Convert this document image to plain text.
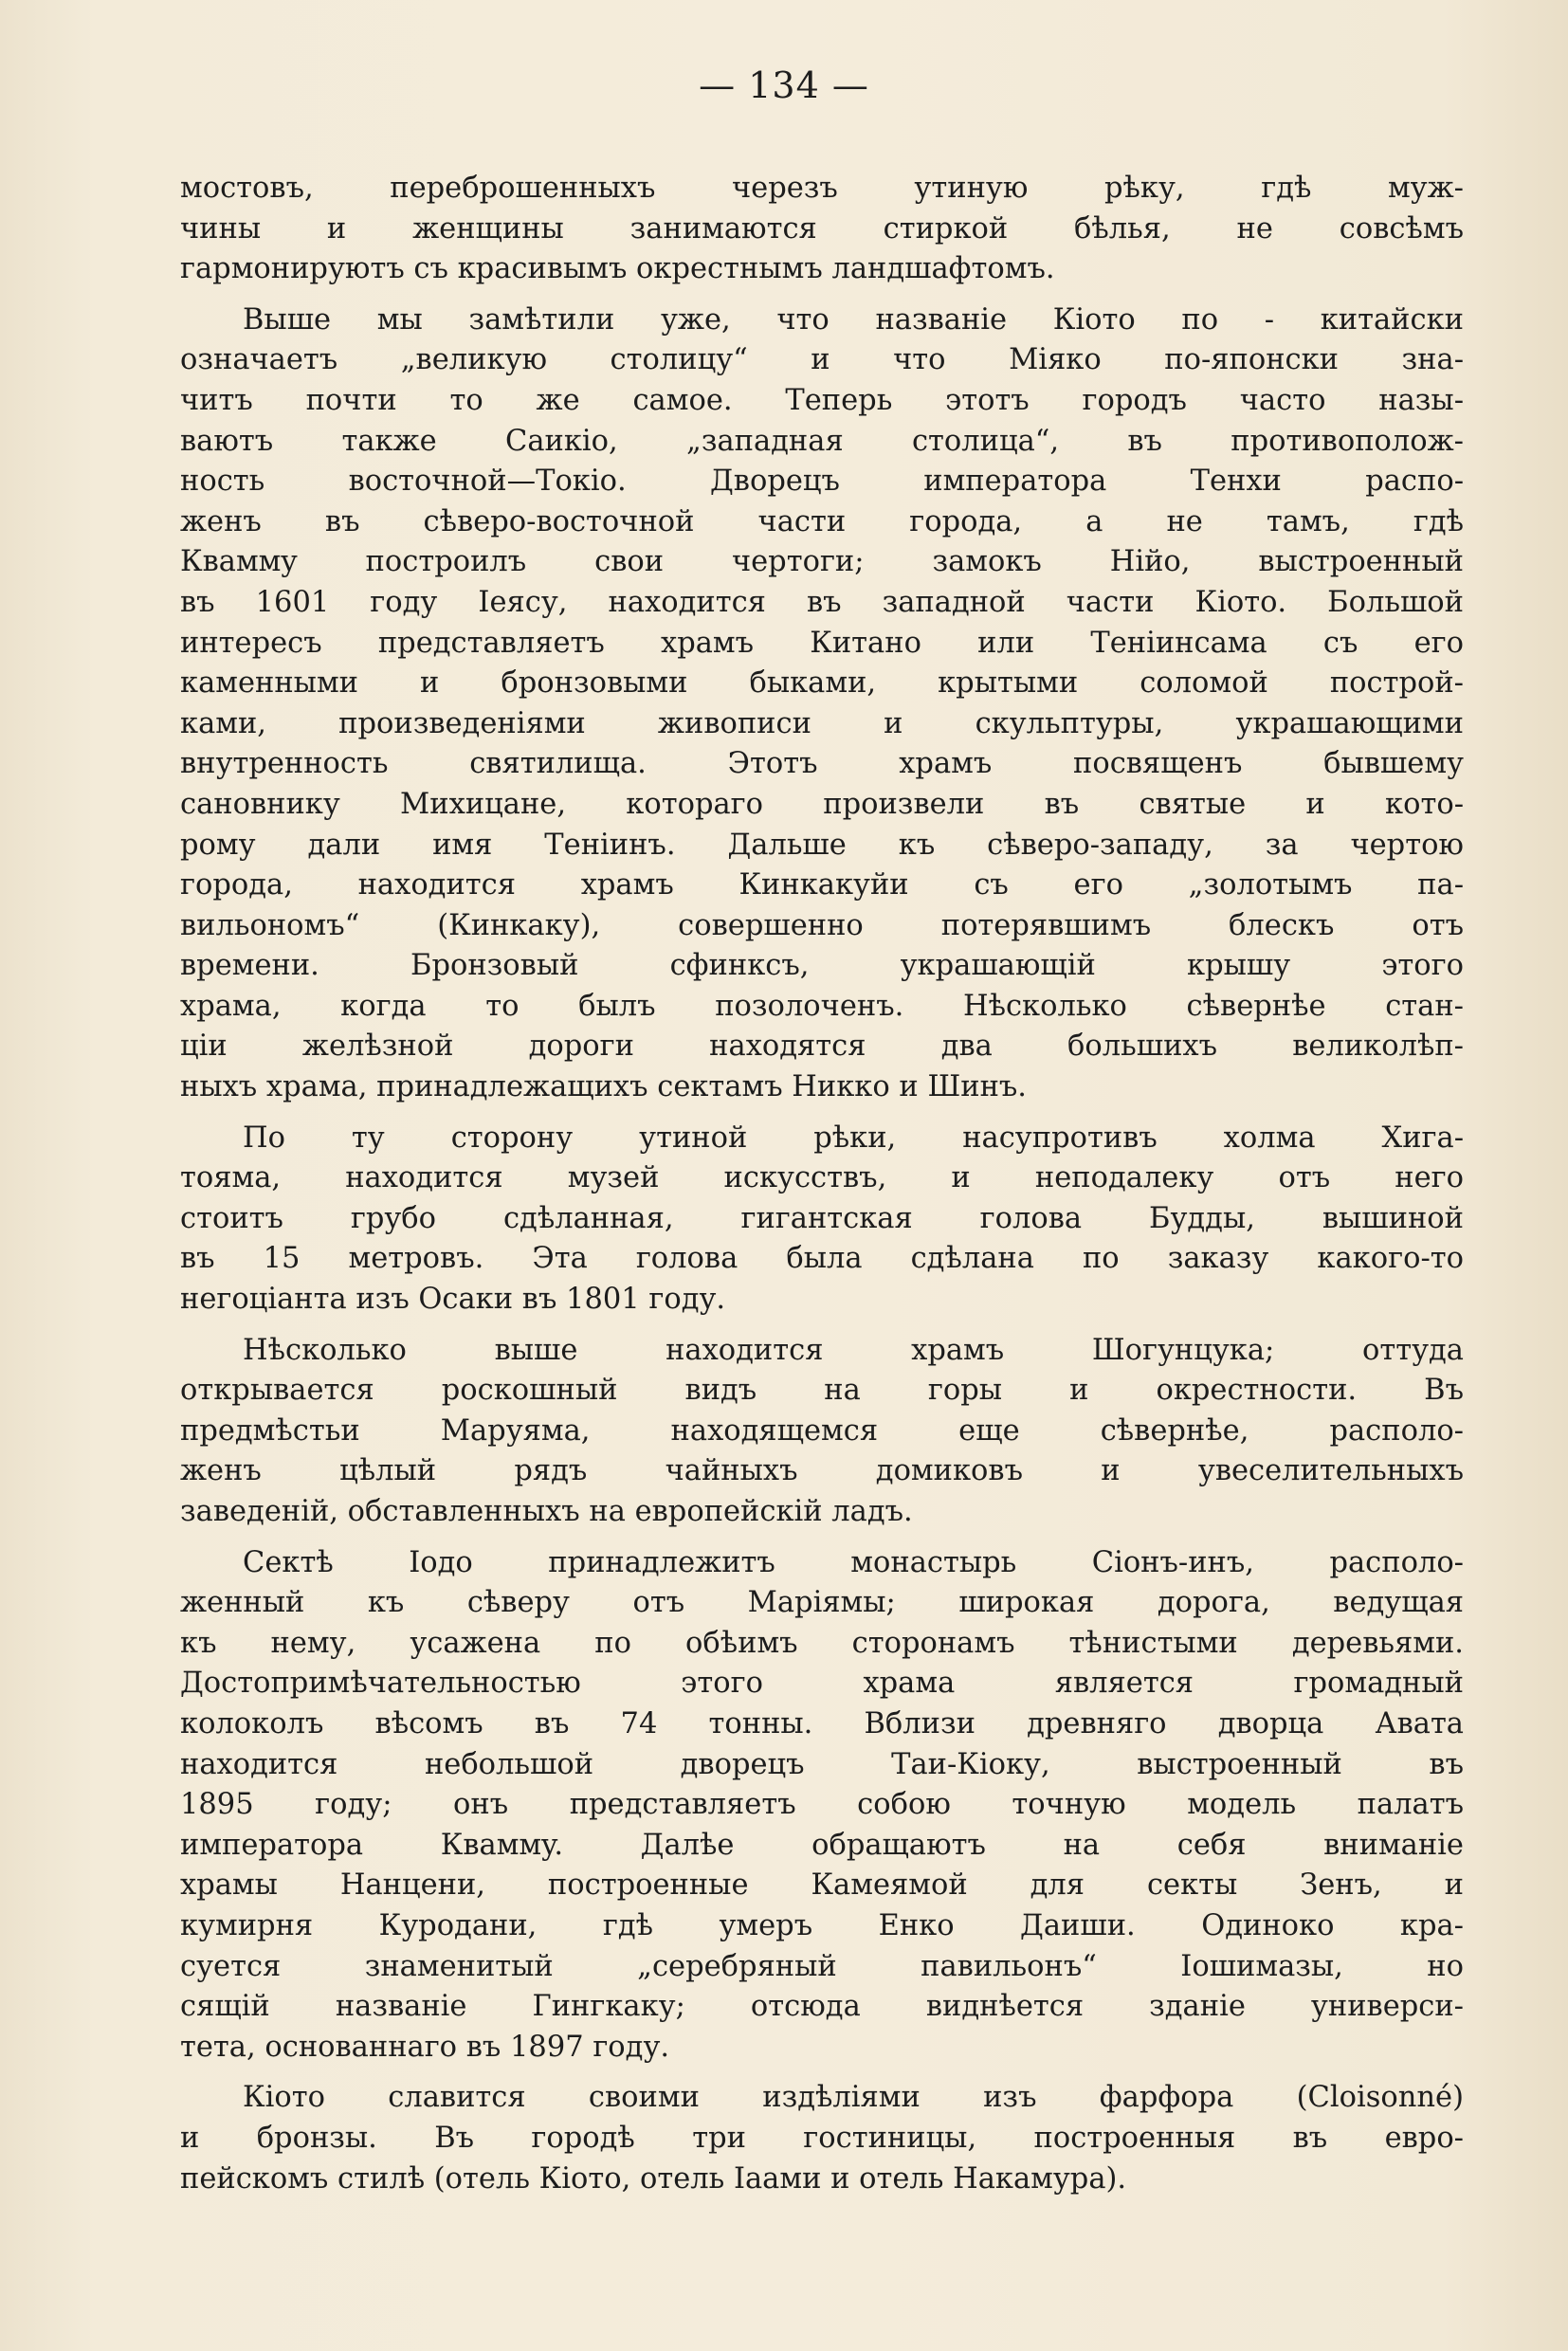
— 134 —
мостовъ, переброшенныхъ черезъ утиную рѣку, гдѣ муж-
чины и женщины занимаются стиркой бѣлья, не совсѣмъ
гармонируютъ съ красивымъ окрестнымъ ландшафтомъ.
Выше мы замѣтили уже, что названiе Кiото по - китайски
означаетъ „великую столицу“ и что Мiяко по-японски зна-
читъ почти то же самое. Теперь этотъ городъ часто назы-
ваютъ также Саикiо, „западная столица“, въ противополож-
ность восточной—Токiо. Дворецъ императора Тенхи распо-
женъ въ сѣверо-восточной части города, а не тамъ, гдѣ
Кваммy построилъ свои чертоги; замокъ Нiйо, выстроенный
въ 1601 году Iеясу, находится въ западной части Кiото. Большой
интересъ представляетъ храмъ Китано или Тенiинсама съ его
каменными и бронзовыми быками, крытыми соломой построй-
ками, произведенiями живописи и скульптуры, украшающими
внутренность святилища. Этотъ храмъ посвященъ бывшему
сановнику Михицане, котораго произвели въ святые и кото-
рому дали имя Тенiинъ. Дальше къ сѣверо-западу, за чертою
города, находится храмъ Кинкакуйи съ его „золотымъ па-
вильономъ“ (Кинкаку), совершенно потерявшимъ блескъ отъ
времени. Бронзовый сфинксъ, украшающiй крышу этого
храма, когда то былъ позолоченъ. Нѣсколько сѣвернѣе стан-
цiи желѣзной дороги находятся два большихъ великолѣп-
ныхъ храма, принадлежащихъ сектамъ Никко и Шинъ.
По ту сторону утиной рѣки, насупротивъ холма Хига-
тояма, находится музей искусствъ, и неподалеку отъ него
стоитъ грубо сдѣланная, гигантская голова Будды, вышиной
въ 15 метровъ. Эта голова была сдѣлана по заказу какого-то
негоцiанта изъ Осаки въ 1801 году.
Нѣсколько выше находится храмъ Шогунцука; оттуда
открывается роскошный видъ на горы и окрестности. Въ
предмѣстьи Маруяма, находящемся еще сѣвернѣе, располо-
женъ цѣлый рядъ чайныхъ домиковъ и увеселительныхъ
заведенiй, обставленныхъ на европейскiй ладъ.
Сектѣ Iодо принадлежитъ монастырь Сiонъ-инъ, располо-
женный къ сѣверу отъ Марiямы; широкая дорога, ведущая
къ нему, усажена по обѣимъ сторонамъ тѣнистыми деревьями.
Достопримѣчательностью этого храма является громадный
колоколъ вѣсомъ въ 74 тонны. Вблизи древняго дворца Авата
находится небольшой дворецъ Таи-Кiоку, выстроенный въ
1895 году; онъ представляетъ собою точную модель палатъ
императора Кваммy. Далѣе обращаютъ на себя вниманiе
храмы Нанцени, построенные Камеямой для секты Зенъ, и
кумирня Куродани, гдѣ умеръ Енко Даиши. Одиноко кра-
суется знаменитый „серебряный павильонъ“ Iошимазы, но
сящiй названiе Гингкаку; отсюда виднѣется зданiе универси-
тета, основаннаго въ 1897 году.
Кiото славится своими издѣлiями изъ фарфора (Cloisonné)
и бронзы. Въ городѣ три гостиницы, построенныя въ евро-
пейскомъ стилѣ (отель Кiото, отель Iаами и отель Накамура).
